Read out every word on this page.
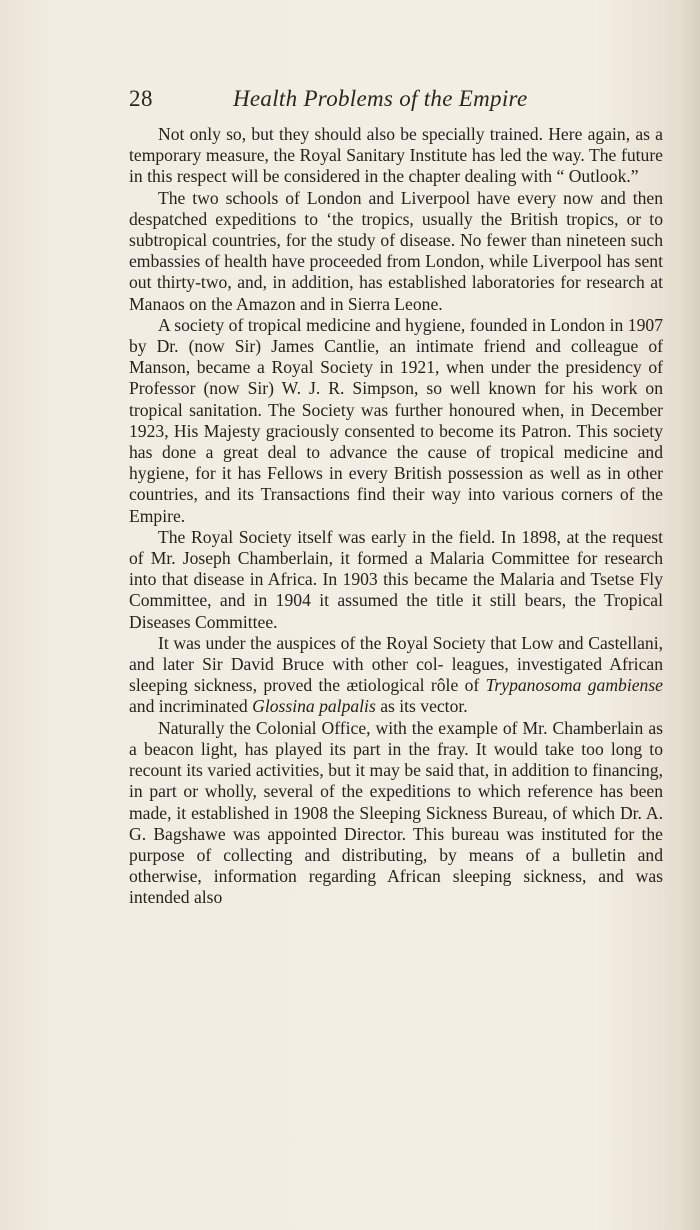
28	Health Problems of the Empire

Not only so, but they should also be specially trained. Here again, as a temporary measure, the Royal Sanitary Institute has led the way. The future in this respect will be considered in the chapter dealing with “ Outlook.”

The two schools of London and Liverpool have every now and then despatched expeditions to ‘the tropics, usually the British tropics, or to subtropical countries, for the study of disease. No fewer than nineteen such embassies of health have proceeded from London, while Liverpool has sent out thirty-two, and, in addition, has established laboratories for research at Manaos on the Amazon and in Sierra Leone.

A society of tropical medicine and hygiene, founded in London in 1907 by Dr. (now Sir) James Cantlie, an intimate friend and colleague of Manson, became a Royal Society in 1921, when under the presidency of Professor (now Sir) W. J. R. Simpson, so well known for his work on tropical sanitation. The Society was further honoured when, in December 1923, His Majesty graciously consented to become its Patron. This society has done a great deal to advance the cause of tropical medicine and hygiene, for it has Fellows in every British possession as well as in other countries, and its Transactions find their way into various corners of the Empire.

The Royal Society itself was early in the field. In 1898, at the request of Mr. Joseph Chamberlain, it formed a Malaria Committee for research into that disease in Africa. In 1903 this became the Malaria and Tsetse Fly Committee, and in 1904 it assumed the title it still bears, the Tropical Diseases Committee.

It was under the auspices of the Royal Society that Low and Castellani, and later Sir David Bruce with other col- leagues, investigated African sleeping sickness, proved the ætiological rôle of Trypanosoma gambiense and incriminated Glossina palpalis as its vector.

Naturally the Colonial Office, with the example of Mr. Chamberlain as a beacon light, has played its part in the fray. It would take too long to recount its varied activities, but it may be said that, in addition to financing, in part or wholly, several of the expeditions to which reference has been made, it established in 1908 the Sleeping Sickness Bureau, of which Dr. A. G. Bagshawe was appointed Director. This bureau was instituted for the purpose of collecting and distributing, by means of a bulletin and otherwise, information regarding African sleeping sickness, and was intended also
